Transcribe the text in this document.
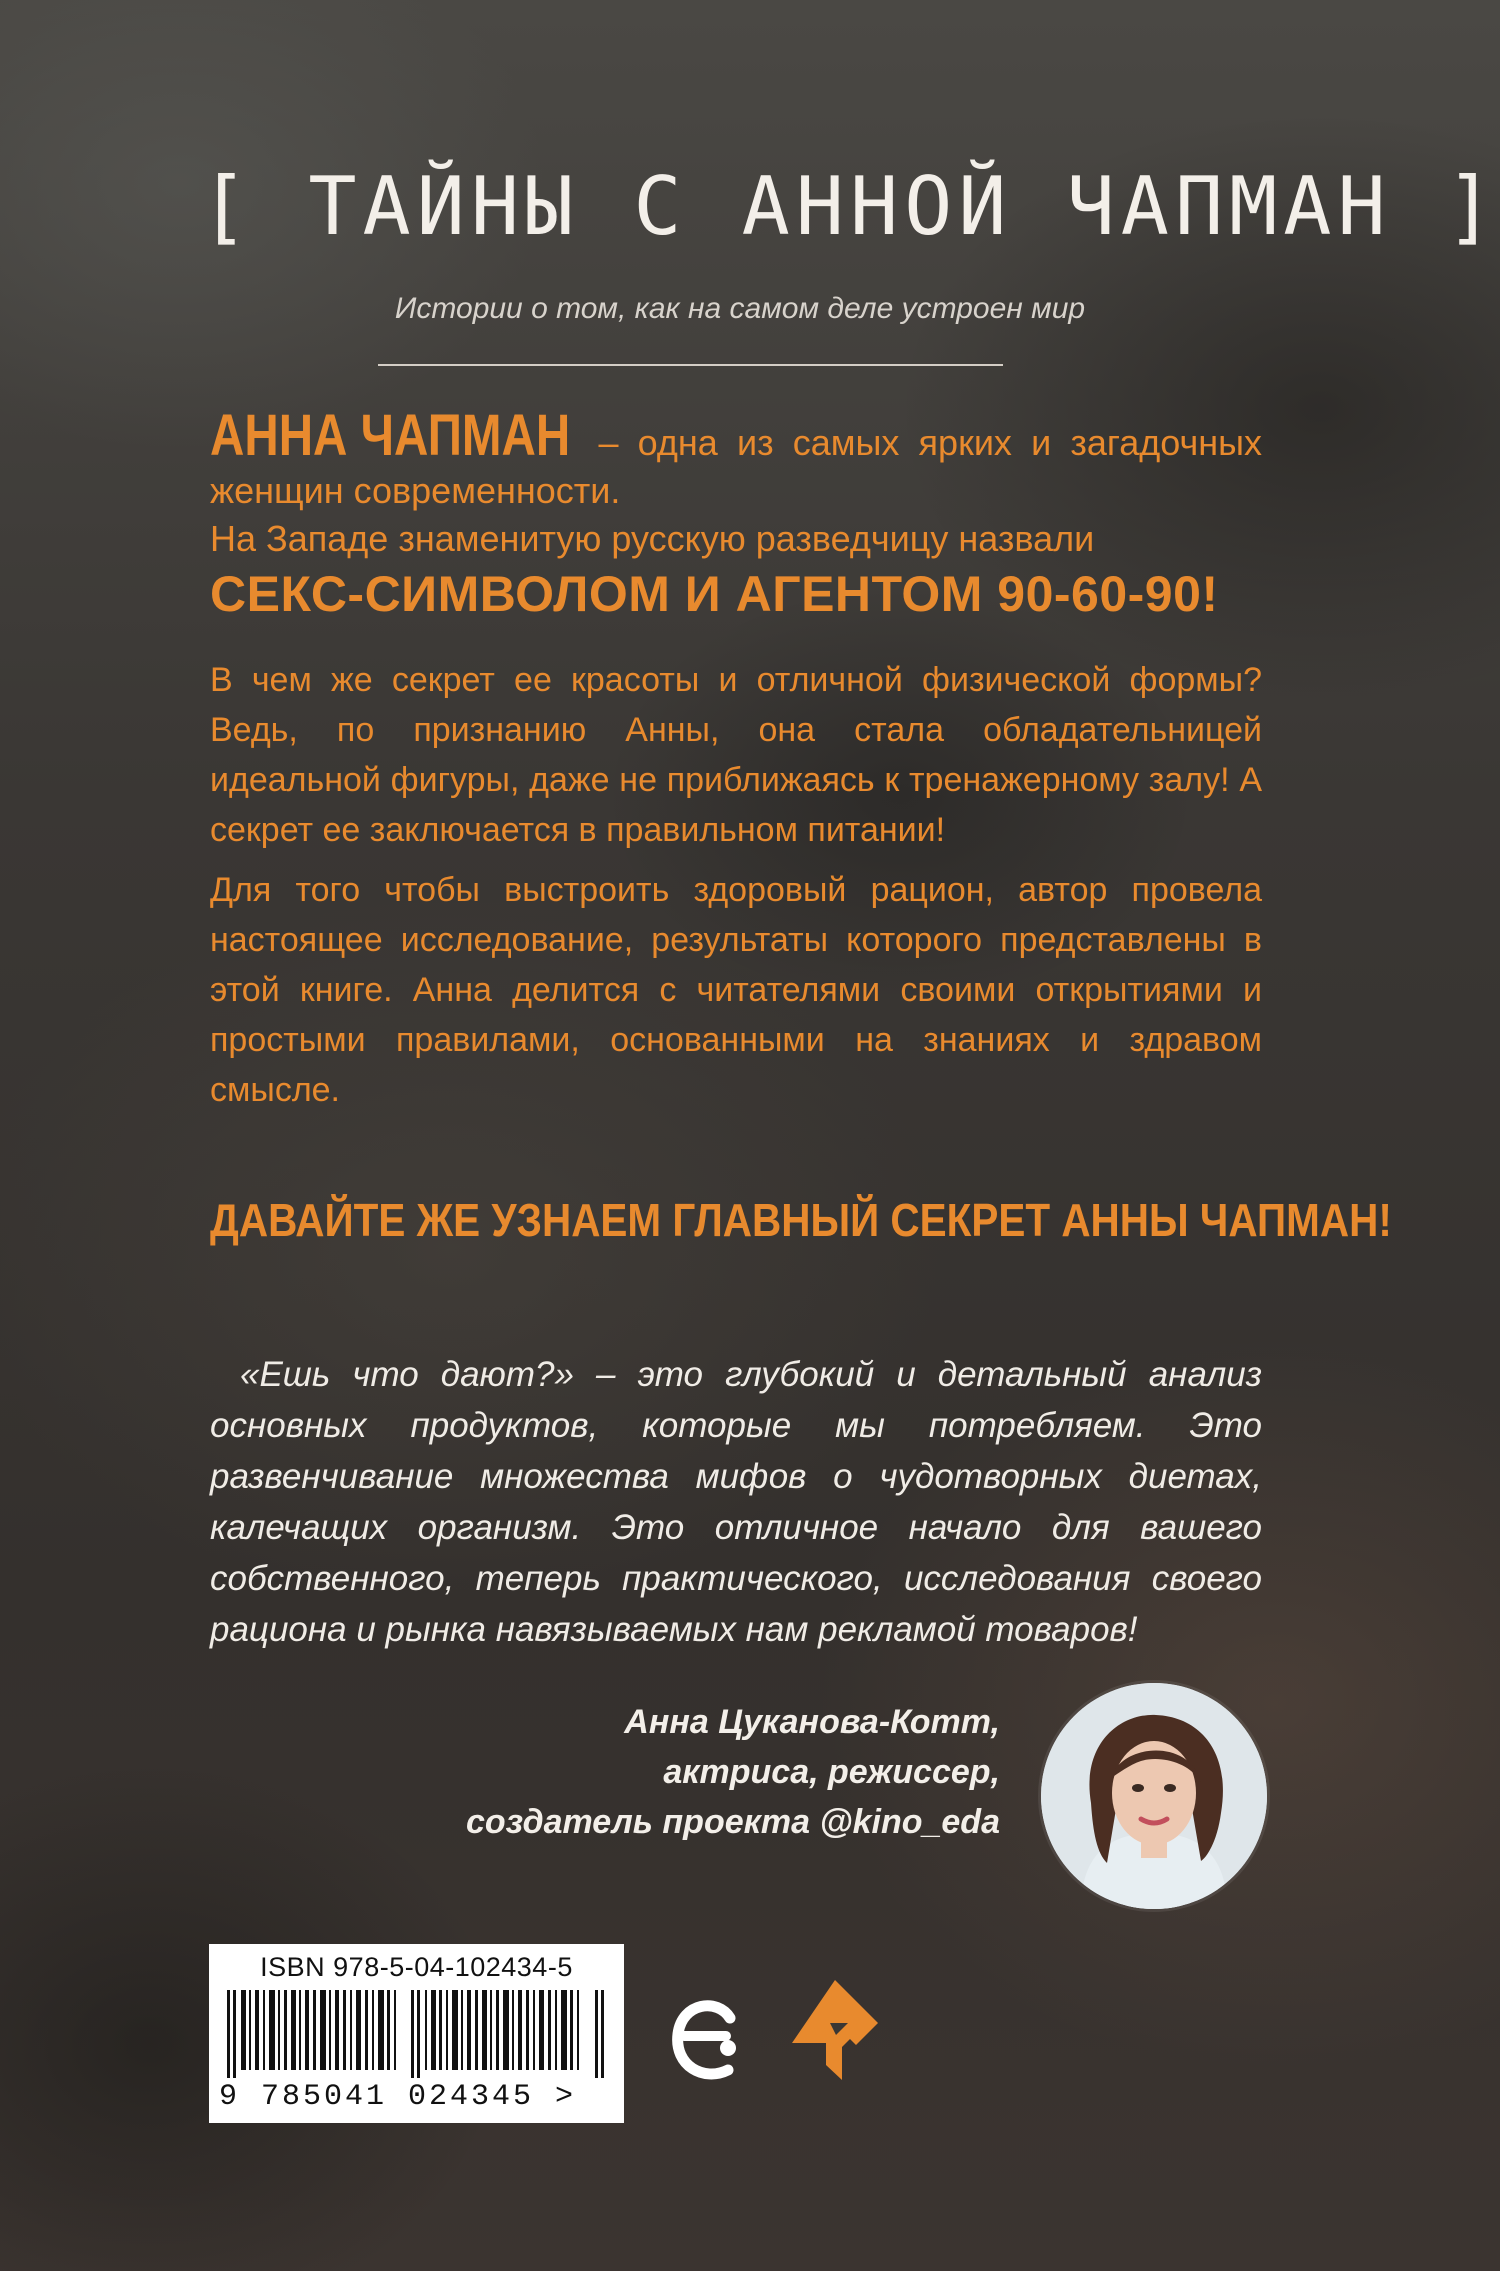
[ ТАЙНЫ С АННОЙ ЧАПМАН ]
Истории о том, как на самом деле устроен мир
АННА ЧАПМАН – одна из самых ярких и загадочных женщин современности.
На Западе знаменитую русскую разведчицу назвали
СЕКС-СИМВОЛОМ И АГЕНТОМ 90-60-90!
В чем же секрет ее красоты и отличной физической формы? Ведь, по признанию Анны, она стала обладательницей идеальной фигуры, даже не приближаясь к тренажерному залу! А секрет ее заключается в правильном питании!
Для того чтобы выстроить здоровый рацион, автор провела настоящее исследование, результаты которого представлены в этой книге. Анна делится с читателями своими открытиями и простыми правилами, основанными на знаниях и здравом смысле.
ДАВАЙТЕ ЖЕ УЗНАЕМ ГЛАВНЫЙ СЕКРЕТ АННЫ ЧАПМАН!
«Ешь что дают?» – это глубокий и детальный анализ основных продуктов, которые мы потребляем. Это развенчивание множества мифов о чудотворных диетах, калечащих организм. Это отличное начало для вашего собственного, теперь практического, исследования своего рациона и рынка навязываемых нам рекламой товаров!
Анна Цуканова-Котт,
актриса, режиссер,
создатель проекта @kino_eda
ISBN 978-5-04-102434-5
9 785041 024345 >
